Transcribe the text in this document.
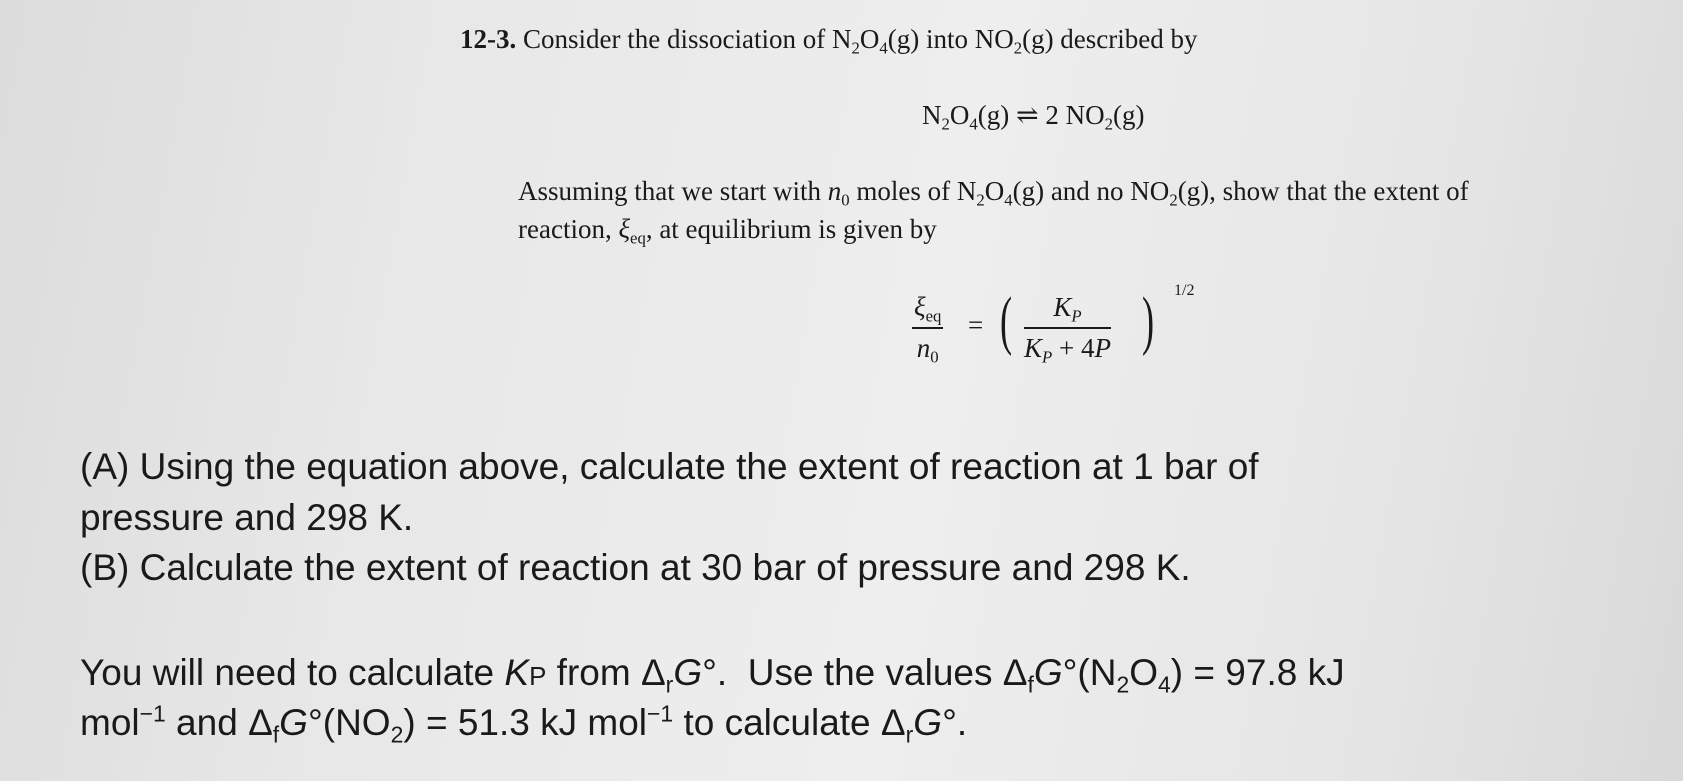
12-3. Consider the dissociation of $N_2O_4(g)$ into $NO_2(g)$ described by
$N_2O_4(g)$ ⇌ 2 $NO_2(g)$
Assuming that we start with $n_0$ moles of $N_2O_4(g)$ and no $NO_2(g)$, show that the extent of
reaction, $\xi_{eq}$, at equilibrium is given by
$\xi_{eq}$
$n_0$
= ( $K_P$
$K_P + 4P$ ) 1/2
(A) Using the equation above, calculate the extent of reaction at 1 bar of
pressure and 298 K.
(B) Calculate the extent of reaction at 30 bar of pressure and 298 K.
You will need to calculate KP from $\Delta_rG^\circ$.  Use the values $\Delta_fG^\circ(N_2O_4) = 97.8$ kJ
mol$^{-1}$ and $\Delta_fG^\circ(NO_2) = 51.3$ kJ mol$^{-1}$ to calculate $\Delta_rG^\circ$.
